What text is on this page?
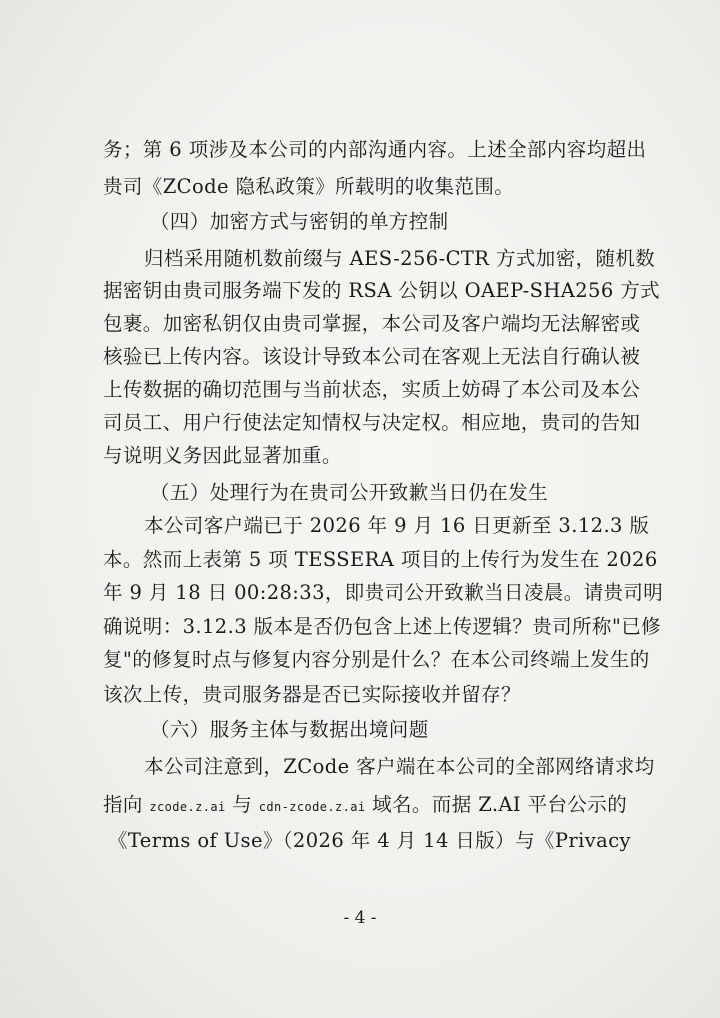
务；第 6 项涉及本公司的内部沟通内容。上述全部内容均超出
贵司《ZCode 隐私政策》所载明的收集范围。
（四）加密方式与密钥的单方控制
归档采用随机数前缀与 AES-256-CTR 方式加密，随机数
据密钥由贵司服务端下发的 RSA 公钥以 OAEP-SHA256 方式
包裹。加密私钥仅由贵司掌握，本公司及客户端均无法解密或
核验已上传内容。该设计导致本公司在客观上无法自行确认被
上传数据的确切范围与当前状态，实质上妨碍了本公司及本公
司员工、用户行使法定知情权与决定权。相应地，贵司的告知
与说明义务因此显著加重。
（五）处理行为在贵司公开致歉当日仍在发生
本公司客户端已于 2026 年 9 月 16 日更新至 3.12.3 版
本。然而上表第 5 项 TESSERA 项目的上传行为发生在 2026
年 9 月 18 日 00:28:33，即贵司公开致歉当日凌晨。请贵司明
确说明：3.12.3 版本是否仍包含上述上传逻辑？贵司所称"已修
复"的修复时点与修复内容分别是什么？在本公司终端上发生的
该次上传，贵司服务器是否已实际接收并留存？
（六）服务主体与数据出境问题
本公司注意到，ZCode 客户端在本公司的全部网络请求均
指向 zcode.z.ai 与 cdn-zcode.z.ai 域名。而据 Z.AI 平台公示的
《Terms of Use》（2026 年 4 月 14 日版）与《Privacy
- 4 -
